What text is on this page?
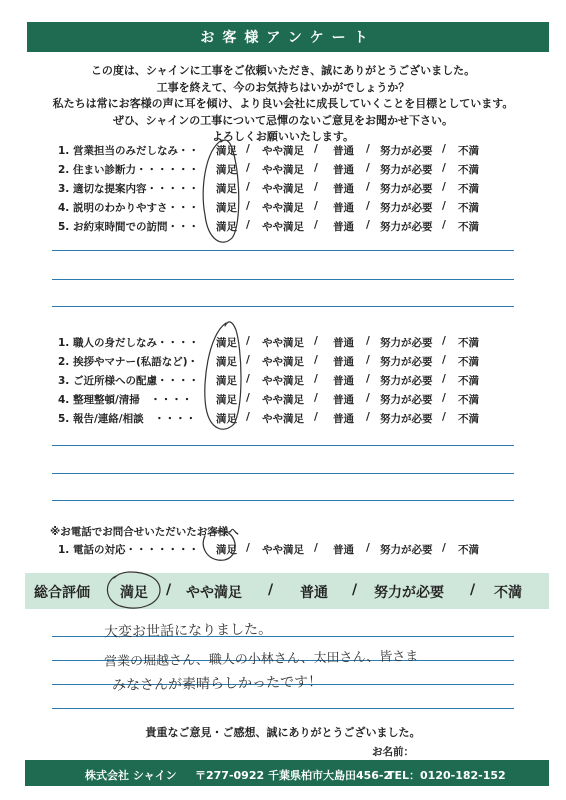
お客様アンケート
この度は、シャインに工事をご依頼いただき、誠にありがとうございました。
工事を終えて、今のお気持ちはいかがでしょうか？
私たちは常にお客様の声に耳を傾け、より良い会社に成長していくことを目標としています。
ぜひ、シャインの工事について忌憚のないご意見をお聞かせ下さい。
よろしくお願いいたします。
1. 営業担当のみだしなみ・・ 満足 / やや満足 / 普通 / 努力が必要 / 不満
2. 住まい診断力・・・・・・ 満足 / やや満足 / 普通 / 努力が必要 / 不満
3. 適切な提案内容・・・・・ 満足 / やや満足 / 普通 / 努力が必要 / 不満
4. 説明のわかりやすさ・・・ 満足 / やや満足 / 普通 / 努力が必要 / 不満
5. お約束時間での訪問・・・ 満足 / やや満足 / 普通 / 努力が必要 / 不満
1. 職人の身だしなみ・・・・ 満足 / やや満足 / 普通 / 努力が必要 / 不満
2. 挨拶やマナー(私語など)・ 満足 / やや満足 / 普通 / 努力が必要 / 不満
3. ご近所様への配慮・・・・ 満足 / やや満足 / 普通 / 努力が必要 / 不満
4. 整理整頓/清掃　・・・・ 満足 / やや満足 / 普通 / 努力が必要 / 不満
5. 報告/連絡/相談　・・・・ 満足 / やや満足 / 普通 / 努力が必要 / 不満
※お電話でお問合せいただいたお客様へ
1. 電話の対応・・・・・・・ 満足 / やや満足 / 普通 / 努力が必要 / 不満
総合評価 満足 / やや満足 / 普通 / 努力が必要 / 不満
大変お世話になりました。
営業の堀越さん、職人の小林さん、太田さん、皆さま
みなさんが素晴らしかったです！
貴重なご意見・ご感想、誠にありがとうございました。
お名前：
株式会社 シャイン 〒277-0922 千葉県柏市大島田456-2
TEL：0120-182-152
